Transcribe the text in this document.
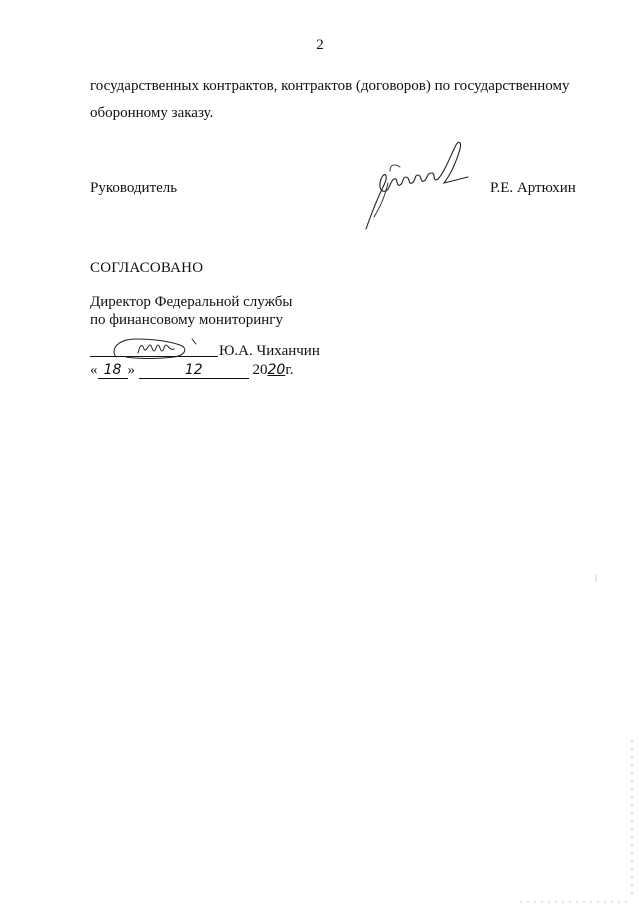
2
государственных контрактов, контрактов (договоров) по государственному
оборонному заказу.
Руководитель	Р.Е. Артюхин
СОГЛАСОВАНО
Директор Федеральной службы
по финансовому мониторингу
Ю.А. Чиханчин
« 18 »	12	2020г.
